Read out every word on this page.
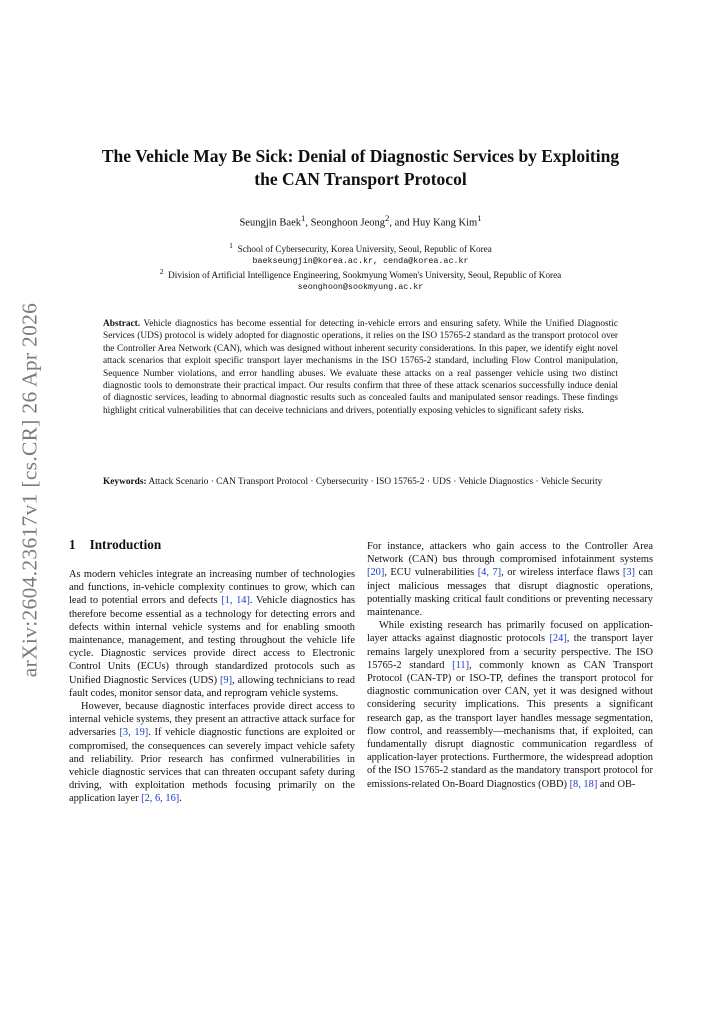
arXiv:2604.23617v1 [cs.CR] 26 Apr 2026
The Vehicle May Be Sick: Denial of Diagnostic Services by Exploiting
the CAN Transport Protocol
Seungjin Baek$^1$, Seonghoon Jeong$^2$, and Huy Kang Kim$^1$
$^1$ School of Cybersecurity, Korea University, Seoul, Republic of Korea
baekseungjin@korea.ac.kr, cenda@korea.ac.kr
$^2$ Division of Artificial Intelligence Engineering, Sookmyung Women's University, Seoul, Republic of Korea
seonghoon@sookmyung.ac.kr
Abstract. Vehicle diagnostics has become essential for detecting in-vehicle errors and ensuring safety. While the Unified Diagnostic Services (UDS) protocol is widely adopted for diagnostic operations, it relies on the ISO 15765-2 standard as the transport protocol over the Controller Area Network (CAN), which was designed without inherent security considerations. In this paper, we identify eight novel attack scenarios that exploit specific transport layer mechanisms in the ISO 15765-2 standard, including Flow Control manipulation, Sequence Number violations, and error handling abuses. We evaluate these attacks on a real passenger vehicle using two distinct diagnostic tools to demonstrate their practical impact. Our results confirm that three of these attack scenarios successfully induce denial of diagnostic services, leading to abnormal diagnostic results such as concealed faults and manipulated sensor readings. These findings highlight critical vulnerabilities that can deceive technicians and drivers, potentially exposing vehicles to significant safety risks.
Keywords: Attack Scenario · CAN Transport Protocol · Cybersecurity · ISO 15765-2 · UDS · Vehicle Diagnostics · Vehicle Security
1 Introduction

As modern vehicles integrate an increasing number of technologies and functions, in-vehicle complexity continues to grow, which can lead to potential errors and defects [1, 14]. Vehicle diagnostics has therefore become essential as a technology for detecting errors and defects within internal vehicle systems and for enabling smooth maintenance, management, and testing throughout the vehicle life cycle. Diagnostic services provide direct access to Electronic Control Units (ECUs) through standardized protocols such as Unified Diagnostic Services (UDS) [9], allowing technicians to read fault codes, monitor sensor data, and reprogram vehicle systems.

However, because diagnostic interfaces provide direct access to internal vehicle systems, they present an attractive attack surface for adversaries [3, 19]. If vehicle diagnostic functions are exploited or compromised, the consequences can severely impact vehicle safety and reliability. Prior research has confirmed vulnerabilities in vehicle diagnostic services that can threaten occupant safety during driving, with exploitation methods focusing primarily on the application layer [2, 6, 16].

For instance, attackers who gain access to the Controller Area Network (CAN) bus through compromised infotainment systems [20], ECU vulnerabilities [4, 7], or wireless interface flaws [3] can inject malicious messages that disrupt diagnostic operations, potentially masking critical fault conditions or preventing necessary maintenance.

While existing research has primarily focused on application-layer attacks against diagnostic protocols [24], the transport layer remains largely unexplored from a security perspective. The ISO 15765-2 standard [11], commonly known as CAN Transport Protocol (CAN-TP) or ISO-TP, defines the transport protocol for diagnostic communication over CAN, yet it was designed without considering security implications. This presents a significant research gap, as the transport layer handles message segmentation, flow control, and reassembly—mechanisms that, if exploited, can fundamentally disrupt diagnostic communication regardless of application-layer protections. Furthermore, the widespread adoption of the ISO 15765-2 standard as the mandatory transport protocol for emissions-related On-Board Diagnostics (OBD) [8, 18] and OB-
